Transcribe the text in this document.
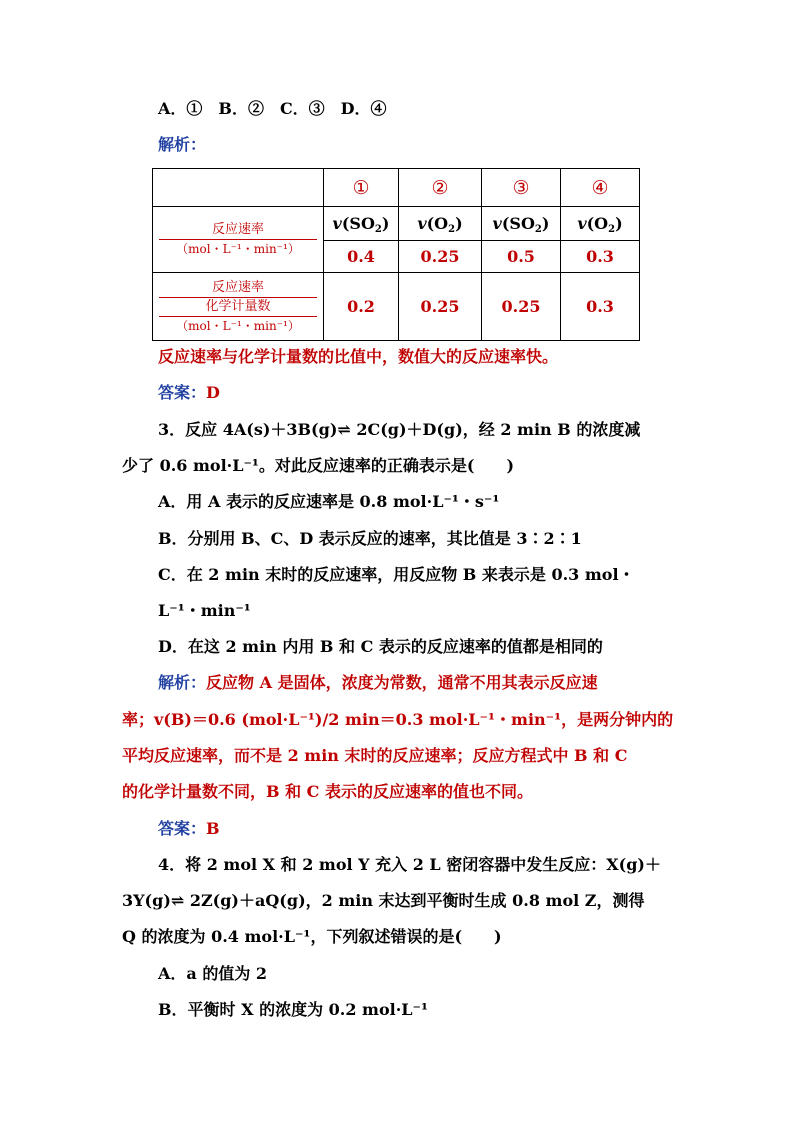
A．①　B．②　C．③　D．④
解析：
	①	②	③	④

反应速率
（mol・L⁻¹・min⁻¹）	$v(SO_2)$	$v(O_2)$	$v(SO_2)$	$v(O_2)$
	0.4	0.25	0.5	0.3

反应速率
化学计量数
（mol・L⁻¹・min⁻¹）	0.2	0.25	0.25	0.3
反应速率与化学计量数的比值中，数值大的反应速率快。
答案：D
3．反应 4A(s)＋3B(g)⇌ 2C(g)＋D(g)，经 2 min B 的浓度减
少了 0.6 mol·L⁻¹。对此反应速率的正确表示是(　　)
A．用 A 表示的反应速率是 0.8 mol·L⁻¹・s⁻¹
B．分别用 B、C、D 表示反应的速率，其比值是 3∶2∶1
C．在 2 min 末时的反应速率，用反应物 B 来表示是 0.3 mol・
L⁻¹・min⁻¹
D．在这 2 min 内用 B 和 C 表示的反应速率的值都是相同的
解析：反应物 A 是固体，浓度为常数，通常不用其表示反应速
率；v(B)＝0.6 (mol·L⁻¹)/2 min＝0.3 mol·L⁻¹・min⁻¹，是两分钟内的
平均反应速率，而不是 2 min 末时的反应速率；反应方程式中 B 和 C
的化学计量数不同，B 和 C 表示的反应速率的值也不同。
答案：B
4．将 2 mol X 和 2 mol Y 充入 2 L 密闭容器中发生反应：X(g)＋
3Y(g)⇌ 2Z(g)＋aQ(g)，2 min 末达到平衡时生成 0.8 mol Z，测得
Q 的浓度为 0.4 mol·L⁻¹，下列叙述错误的是(　　)
A．a 的值为 2
B．平衡时 X 的浓度为 0.2 mol·L⁻¹
